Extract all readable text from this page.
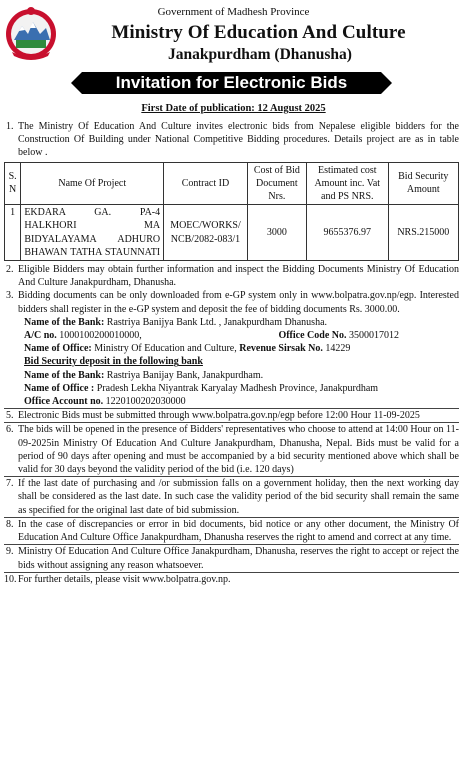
Government of Madhesh Province
Ministry Of Education And Culture
Janakpurdham (Dhanusha)
Invitation for Electronic Bids
First Date of publication: 12 August 2025
1. The Ministry Of Education And Culture invites electronic bids from Nepalese eligible bidders for the Construction Of Building under National Competitive Bidding procedures. Details project are as in table below .
S. N	Name Of Project	Contract ID	Cost of Bid Document Nrs.	Estimated cost Amount inc. Vat and PS NRS.	Bid Security Amount
1	EKDARA GA. PA-4 HALKHORI MA BIDYALAYAMA ADHURO BHAWAN TATHA STAUNNATI	MOEC/WORKS/ NCB/2082-083/1	3000	9655376.97	NRS.215000
2. Eligible Bidders may obtain further information and inspect the Bidding Documents Ministry Of Education And Culture Janakpurdham, Dhanusha.
3. Bidding documents can be only downloaded from e-GP system only in www.bolpatra.gov.np/egp. Interested bidders shall register in the e-GP system and deposit the fee of bidding documents Rs. 3000.00.
Name of the Bank: Rastriya Banijya Bank Ltd. , Janakpurdham Dhanusha.
A/C no. 1000100200010000,	Office Code No. 3500017012
Name of Office: Ministry Of Education and Culture, Revenue Sirsak No. 14229
Bid Security deposit in the following bank
Name of the Bank: Rastriya Banijay Bank, Janakpurdham.
Name of Office : Pradesh Lekha Niyantrak Karyalay Madhesh Province, Janakpurdham
Office Account no. 1220100202030000
5. Electronic Bids must be submitted through www.bolpatra.gov.np/egp before 12:00 Hour 11-09-2025
6. The bids will be opened in the presence of Bidders' representatives who choose to attend at 14:00 Hour on 11-09-2025in Ministry Of Education And Culture Janakpurdham, Dhanusha, Nepal. Bids must be valid for a period of 90 days after opening and must be accompanied by a bid security mentioned above which shall be valid for 30 days beyond the validity period of the bid (i.e. 120 days)
7. If the last date of purchasing and /or submission falls on a government holiday, then the next working day shall be considered as the last date. In such case the validity period of the bid security shall remain the same as specified for the original last date of bid submission.
8. In the case of discrepancies or error in bid documents, bid notice or any other document, the Ministry Of Education And Culture Office Janakpurdham, Dhanusha reserves the right to amend and correct at any time.
9. Ministry Of Education And Culture Office Janakpurdham, Dhanusha, reserves the right to accept or reject the bids without assigning any reason whatsoever.
10. For further details, please visit www.bolpatra.gov.np.
